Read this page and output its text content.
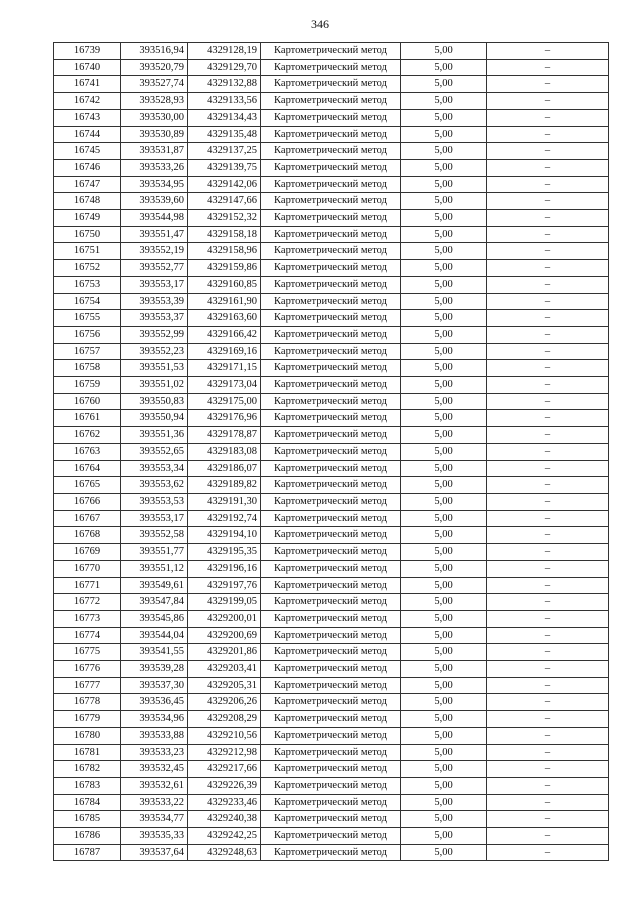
346
16739	393516,94	4329128,19	Картометрический метод	5,00	–
16740	393520,79	4329129,70	Картометрический метод	5,00	–
16741	393527,74	4329132,88	Картометрический метод	5,00	–
16742	393528,93	4329133,56	Картометрический метод	5,00	–
16743	393530,00	4329134,43	Картометрический метод	5,00	–
16744	393530,89	4329135,48	Картометрический метод	5,00	–
16745	393531,87	4329137,25	Картометрический метод	5,00	–
16746	393533,26	4329139,75	Картометрический метод	5,00	–
16747	393534,95	4329142,06	Картометрический метод	5,00	–
16748	393539,60	4329147,66	Картометрический метод	5,00	–
16749	393544,98	4329152,32	Картометрический метод	5,00	–
16750	393551,47	4329158,18	Картометрический метод	5,00	–
16751	393552,19	4329158,96	Картометрический метод	5,00	–
16752	393552,77	4329159,86	Картометрический метод	5,00	–
16753	393553,17	4329160,85	Картометрический метод	5,00	–
16754	393553,39	4329161,90	Картометрический метод	5,00	–
16755	393553,37	4329163,60	Картометрический метод	5,00	–
16756	393552,99	4329166,42	Картометрический метод	5,00	–
16757	393552,23	4329169,16	Картометрический метод	5,00	–
16758	393551,53	4329171,15	Картометрический метод	5,00	–
16759	393551,02	4329173,04	Картометрический метод	5,00	–
16760	393550,83	4329175,00	Картометрический метод	5,00	–
16761	393550,94	4329176,96	Картометрический метод	5,00	–
16762	393551,36	4329178,87	Картометрический метод	5,00	–
16763	393552,65	4329183,08	Картометрический метод	5,00	–
16764	393553,34	4329186,07	Картометрический метод	5,00	–
16765	393553,62	4329189,82	Картометрический метод	5,00	–
16766	393553,53	4329191,30	Картометрический метод	5,00	–
16767	393553,17	4329192,74	Картометрический метод	5,00	–
16768	393552,58	4329194,10	Картометрический метод	5,00	–
16769	393551,77	4329195,35	Картометрический метод	5,00	–
16770	393551,12	4329196,16	Картометрический метод	5,00	–
16771	393549,61	4329197,76	Картометрический метод	5,00	–
16772	393547,84	4329199,05	Картометрический метод	5,00	–
16773	393545,86	4329200,01	Картометрический метод	5,00	–
16774	393544,04	4329200,69	Картометрический метод	5,00	–
16775	393541,55	4329201,86	Картометрический метод	5,00	–
16776	393539,28	4329203,41	Картометрический метод	5,00	–
16777	393537,30	4329205,31	Картометрический метод	5,00	–
16778	393536,45	4329206,26	Картометрический метод	5,00	–
16779	393534,96	4329208,29	Картометрический метод	5,00	–
16780	393533,88	4329210,56	Картометрический метод	5,00	–
16781	393533,23	4329212,98	Картометрический метод	5,00	–
16782	393532,45	4329217,66	Картометрический метод	5,00	–
16783	393532,61	4329226,39	Картометрический метод	5,00	–
16784	393533,22	4329233,46	Картометрический метод	5,00	–
16785	393534,77	4329240,38	Картометрический метод	5,00	–
16786	393535,33	4329242,25	Картометрический метод	5,00	–
16787	393537,64	4329248,63	Картометрический метод	5,00	–
